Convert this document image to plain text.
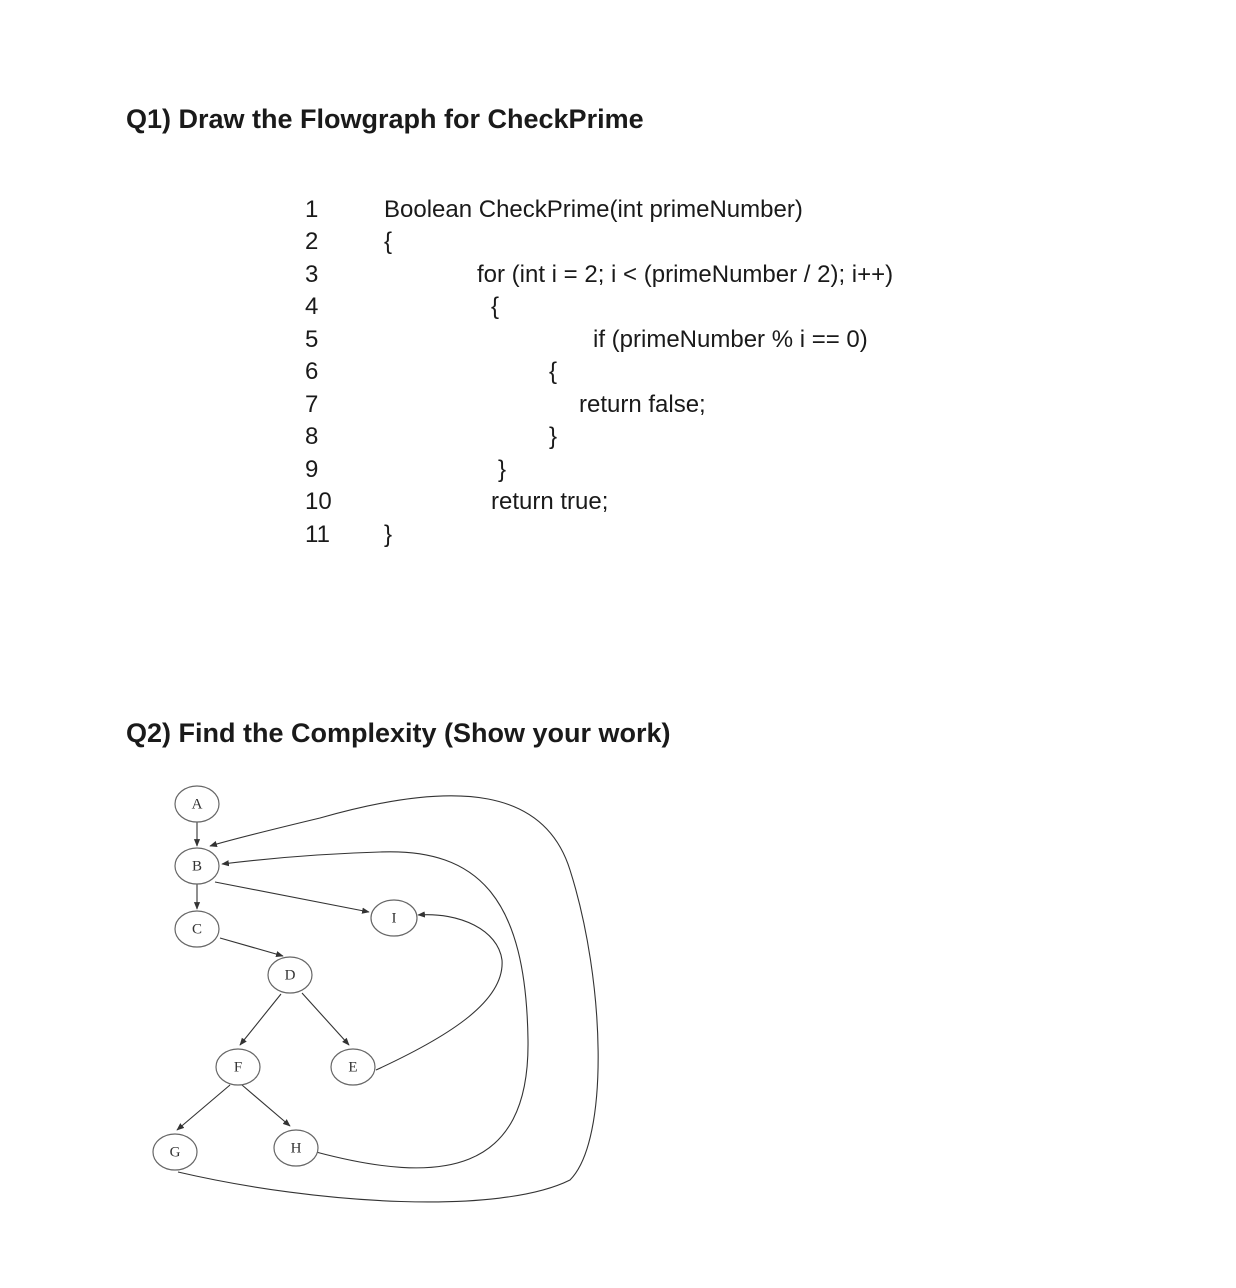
Q1) Draw the Flowgraph for CheckPrime
1
2
3
4
5
6
7
8
9
10
11
Boolean CheckPrime(int primeNumber)
{
for (int i = 2; i < (primeNumber / 2); i++)
{
if (primeNumber % i == 0)
{
return false;
}
}
return true;
}
Q2) Find the Complexity (Show your work)
A
B
C
D
I
F	E
G	H
